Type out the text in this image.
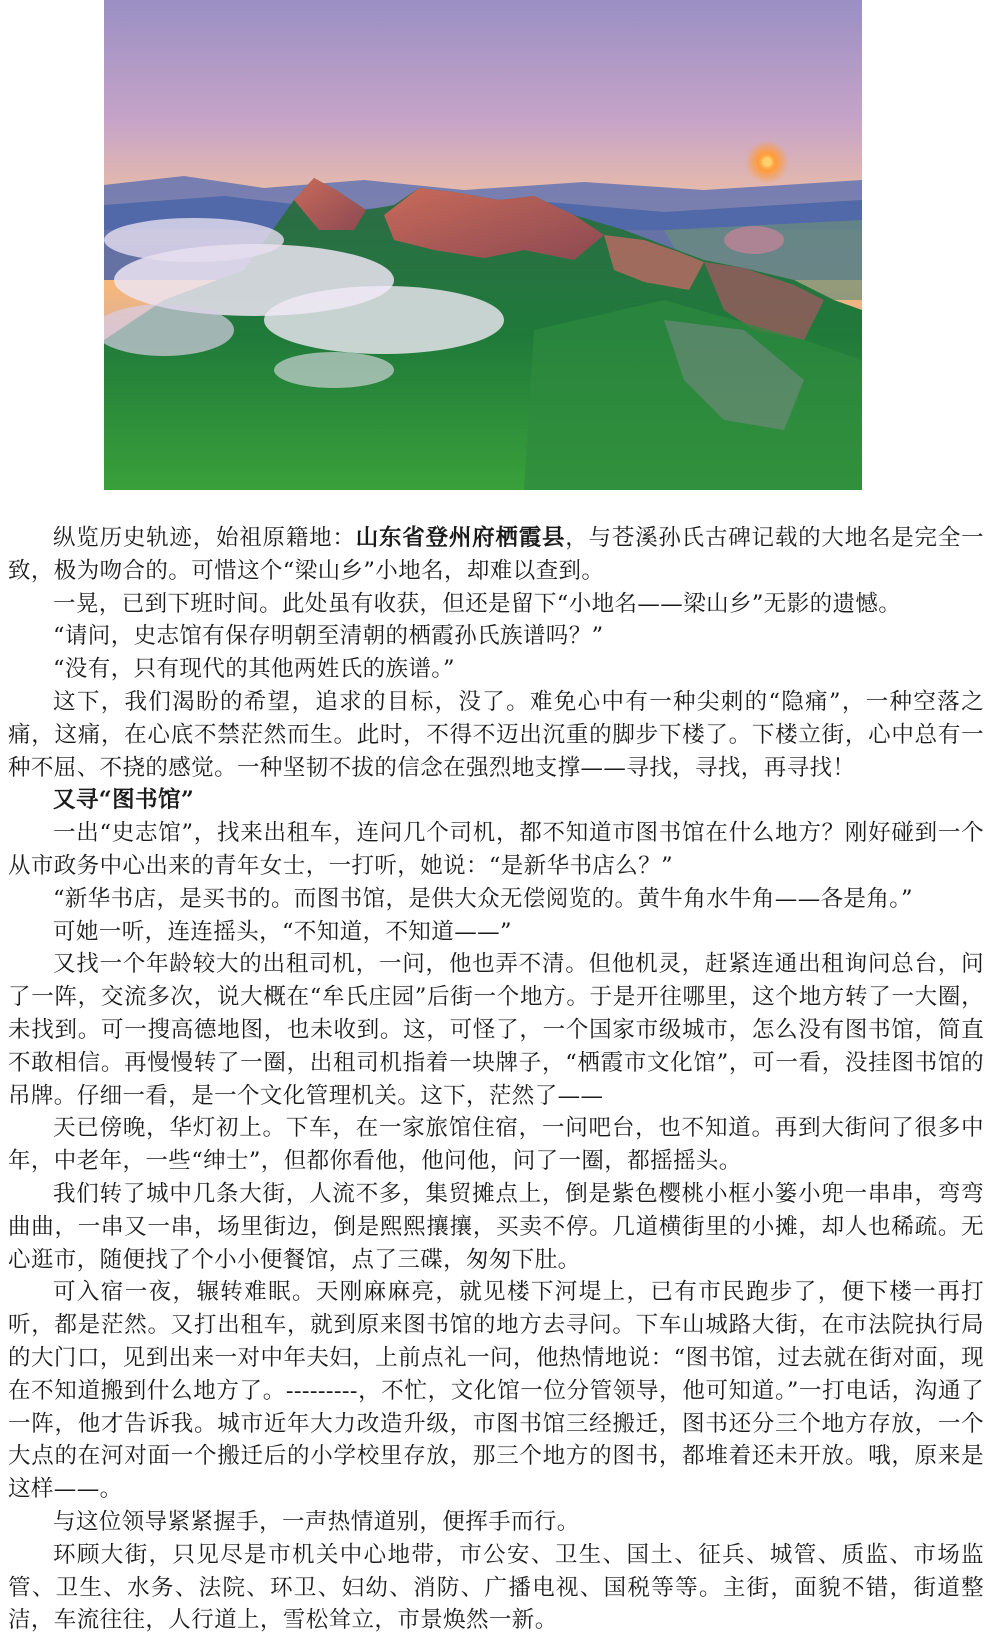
纵览历史轨迹，始祖原籍地：山东省登州府栖霞县，与苍溪孙氏古碑记载的大地名是完全一致，极为吻合的。可惜这个“梁山乡”小地名，却难以查到。

一晃，已到下班时间。此处虽有收获，但还是留下“小地名——梁山乡”无影的遗憾。

“请问，史志馆有保存明朝至清朝的栖霞孙氏族谱吗？”

“没有，只有现代的其他两姓氏的族谱。”

这下，我们渴盼的希望，追求的目标，没了。难免心中有一种尖刺的“隐痛”，一种空落之痛，这痛，在心底不禁茫然而生。此时，不得不迈出沉重的脚步下楼了。下楼立街，心中总有一种不屈、不挠的感觉。一种坚韧不拔的信念在强烈地支撑——寻找，寻找，再寻找！

又寻“图书馆”

一出“史志馆”，找来出租车，连问几个司机，都不知道市图书馆在什么地方？刚好碰到一个从市政务中心出来的青年女士，一打听，她说：“是新华书店么？”

“新华书店，是买书的。而图书馆，是供大众无偿阅览的。黄牛角水牛角——各是角。”

可她一听，连连摇头，“不知道，不知道——”

又找一个年龄较大的出租司机，一问，他也弄不清。但他机灵，赶紧连通出租询问总台，问了一阵，交流多次，说大概在“牟氏庄园”后街一个地方。于是开往哪里，这个地方转了一大圈，未找到。可一搜高德地图，也未收到。这，可怪了，一个国家市级城市，怎么没有图书馆，简直不敢相信。再慢慢转了一圈，出租司机指着一块牌子，“栖霞市文化馆”，可一看，没挂图书馆的吊牌。仔细一看，是一个文化管理机关。这下，茫然了——

天已傍晚，华灯初上。下车，在一家旅馆住宿，一问吧台，也不知道。再到大街问了很多中年，中老年，一些“绅士”，但都你看他，他问他，问了一圈，都摇摇头。

我们转了城中几条大街，人流不多，集贸摊点上，倒是紫色樱桃小框小篓小兜一串串，弯弯曲曲，一串又一串，场里街边，倒是熙熙攘攘，买卖不停。几道横街里的小摊，却人也稀疏。无心逛市，随便找了个小小便餐馆，点了三碟，匆匆下肚。

可入宿一夜，辗转难眠。天刚麻麻亮，就见楼下河堤上，已有市民跑步了，便下楼一再打听，都是茫然。又打出租车，就到原来图书馆的地方去寻问。下车山城路大街，在市法院执行局的大门口，见到出来一对中年夫妇，上前点礼一问，他热情地说：“图书馆，过去就在街对面，现在不知道搬到什么地方了。---------，不忙，文化馆一位分管领导，他可知道。”一打电话，沟通了一阵，他才告诉我。城市近年大力改造升级，市图书馆三经搬迁，图书还分三个地方存放，一个大点的在河对面一个搬迁后的小学校里存放，那三个地方的图书，都堆着还未开放。哦，原来是这样——。

与这位领导紧紧握手，一声热情道别，便挥手而行。

环顾大街，只见尽是市机关中心地带，市公安、卫生、国土、征兵、城管、质监、市场监管、卫生、水务、法院、环卫、妇幼、消防、广播电视、国税等等。主街，面貌不错，街道整洁，车流往往，人行道上，雪松耸立，市景焕然一新。
